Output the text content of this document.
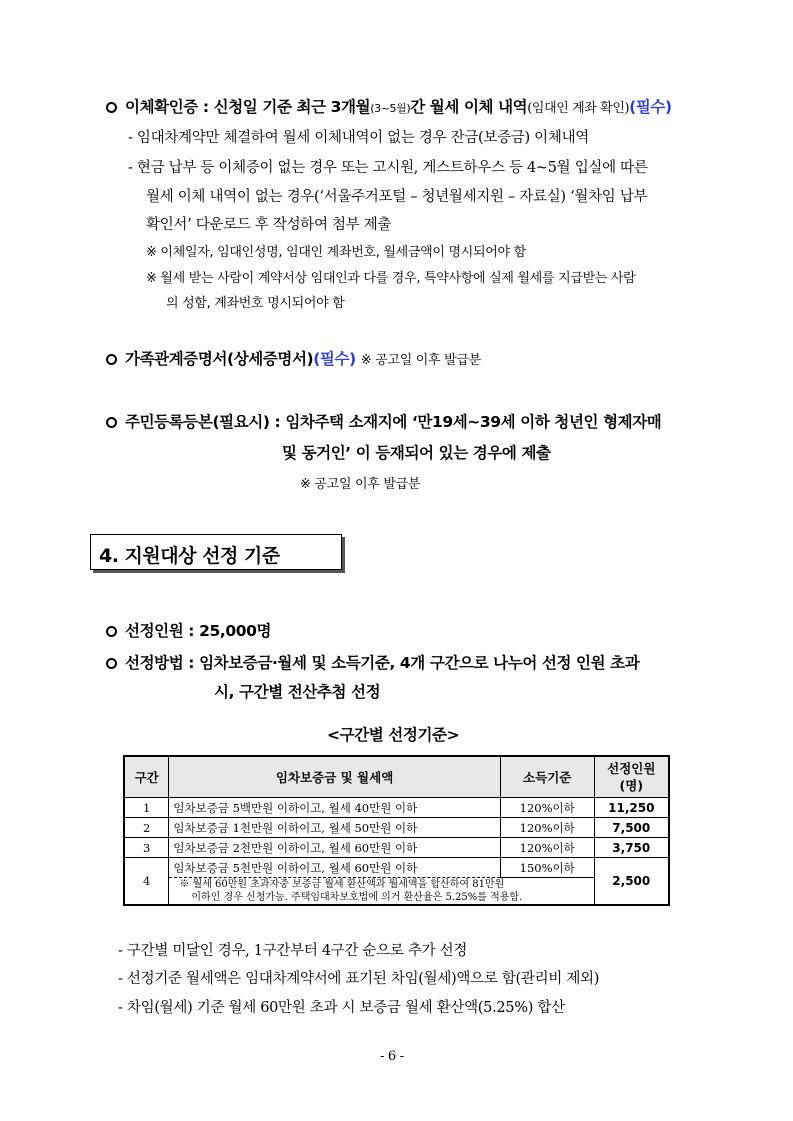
이체확인증 : 신청일 기준 최근 3개월(3~5월)간 월세 이체 내역(임대인 계좌 확인)(필수)
- 임대차계약만 체결하여 월세 이체내역이 없는 경우 잔금(보증금) 이체내역
- 현금 납부 등 이체증이 없는 경우 또는 고시원, 게스트하우스 등 4~5월 입실에 따른
월세 이체 내역이 없는 경우(‘서울주거포털 – 청년월세지원 – 자료실) ‘월차임 납부
확인서’ 다운로드 후 작성하여 첨부 제출
※ 이체일자, 임대인성명, 임대인 계좌번호, 월세금액이 명시되어야 함
※ 월세 받는 사람이 계약서상 임대인과 다를 경우, 특약사항에 실제 월세를 지급받는 사람
의 성함, 계좌번호 명시되어야 함
가족관계증명서(상세증명서)(필수) ※ 공고일 이후 발급분
주민등록등본(필요시) : 임차주택 소재지에 ‘만19세~39세 이하 청년인 형제자매
및 동거인’ 이 등재되어 있는 경우에 제출
※ 공고일 이후 발급분
4. 지원대상 선정 기준
선정인원 : 25,000명
선정방법 : 임차보증금·월세 및 소득기준, 4개 구간으로 나누어 선정 인원 초과
시, 구간별 전산추첨 선정
<구간별 선정기준>
구간	임차보증금 및 월세액	소득기준	선정인원
(명)
1	임차보증금 5백만원 이하이고, 월세 40만원 이하	120%이하	11,250
2	임차보증금 1천만원 이하이고, 월세 50만원 이하	120%이하	7,500
3	임차보증금 2천만원 이하이고, 월세 60만원 이하	120%이하	3,750
4	임차보증금 5천만원 이하이고, 월세 60만원 이하	150%이하	2,500

	※ 월세 60만원 초과자중 보증금 월세 환산액과 월세액을 합산하여 81만원
이하인 경우 신청가능. 주택임대차보호법에 의거 환산율은 5.25%를 적용함.		
- 구간별 미달인 경우, 1구간부터 4구간 순으로 추가 선정
- 선정기준 월세액은 임대차계약서에 표기된 차임(월세)액으로 함(관리비 제외)
- 차임(월세) 기준 월세 60만원 초과 시 보증금 월세 환산액(5.25%) 합산
- 6 -
